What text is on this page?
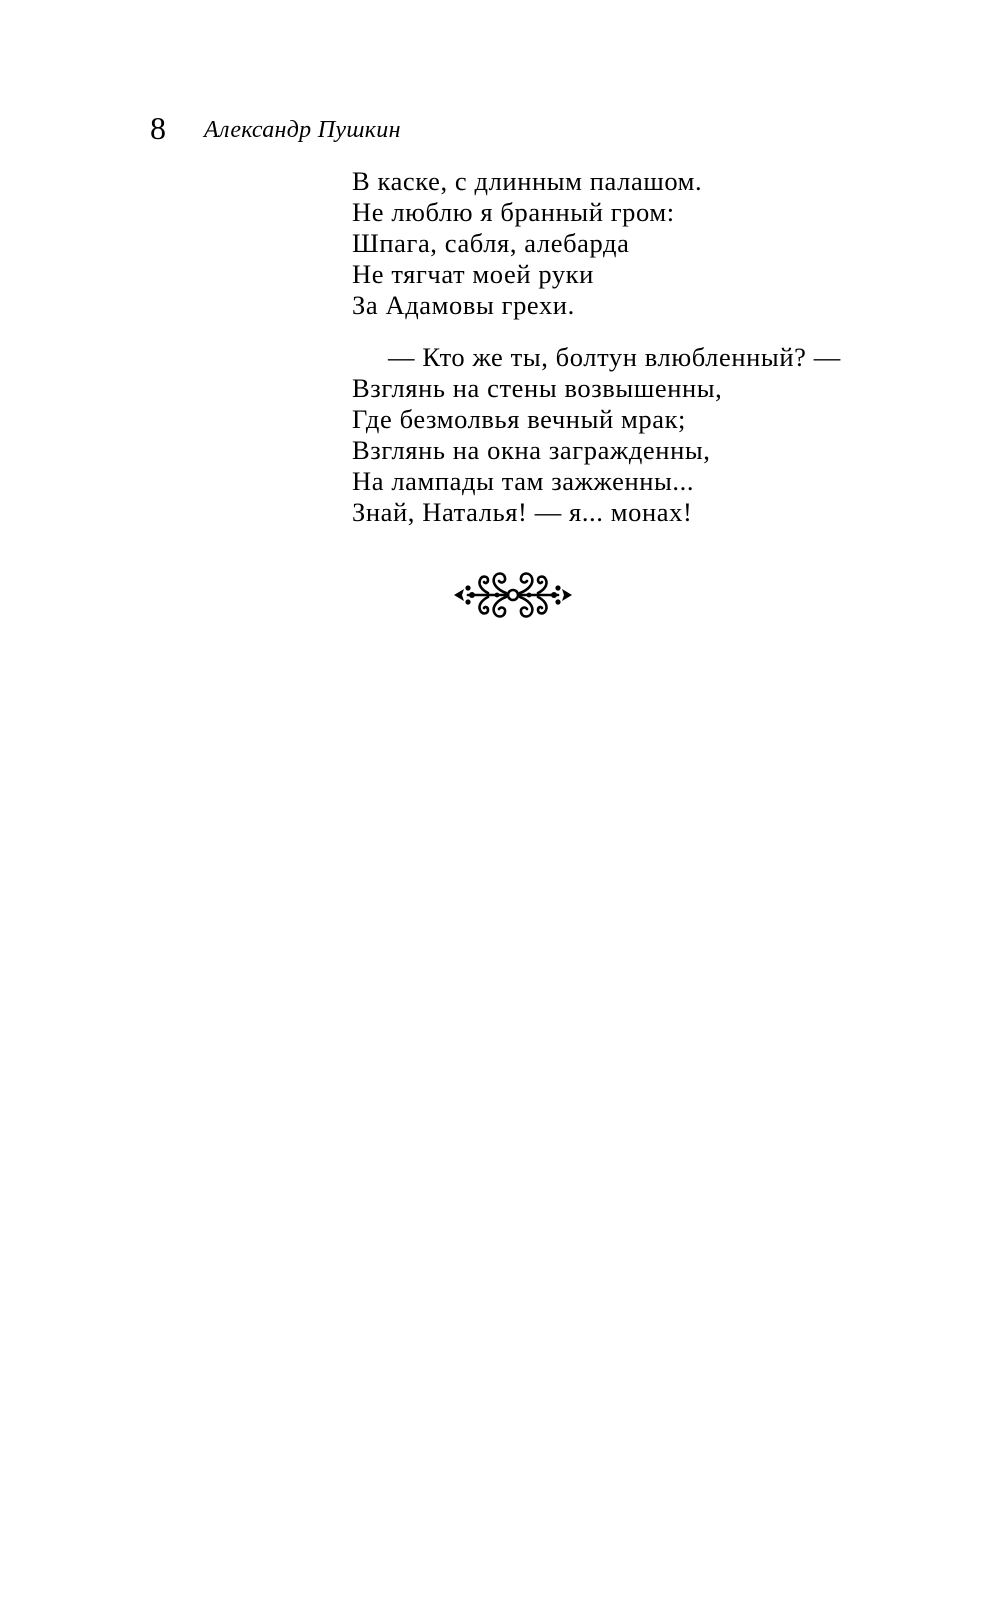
8 Александр Пушкин
В каске, с длинным палашом.
Не люблю я бранный гром:
Шпага, сабля, алебарда
Не тягчат моей руки
За Адамовы грехи.
— Кто же ты, болтун влюбленный? —
Взглянь на стены возвышенны,
Где безмолвья вечный мрак;
Взглянь на окна загражденны,
На лампады там зажженны...
Знай, Наталья! — я... монах!
